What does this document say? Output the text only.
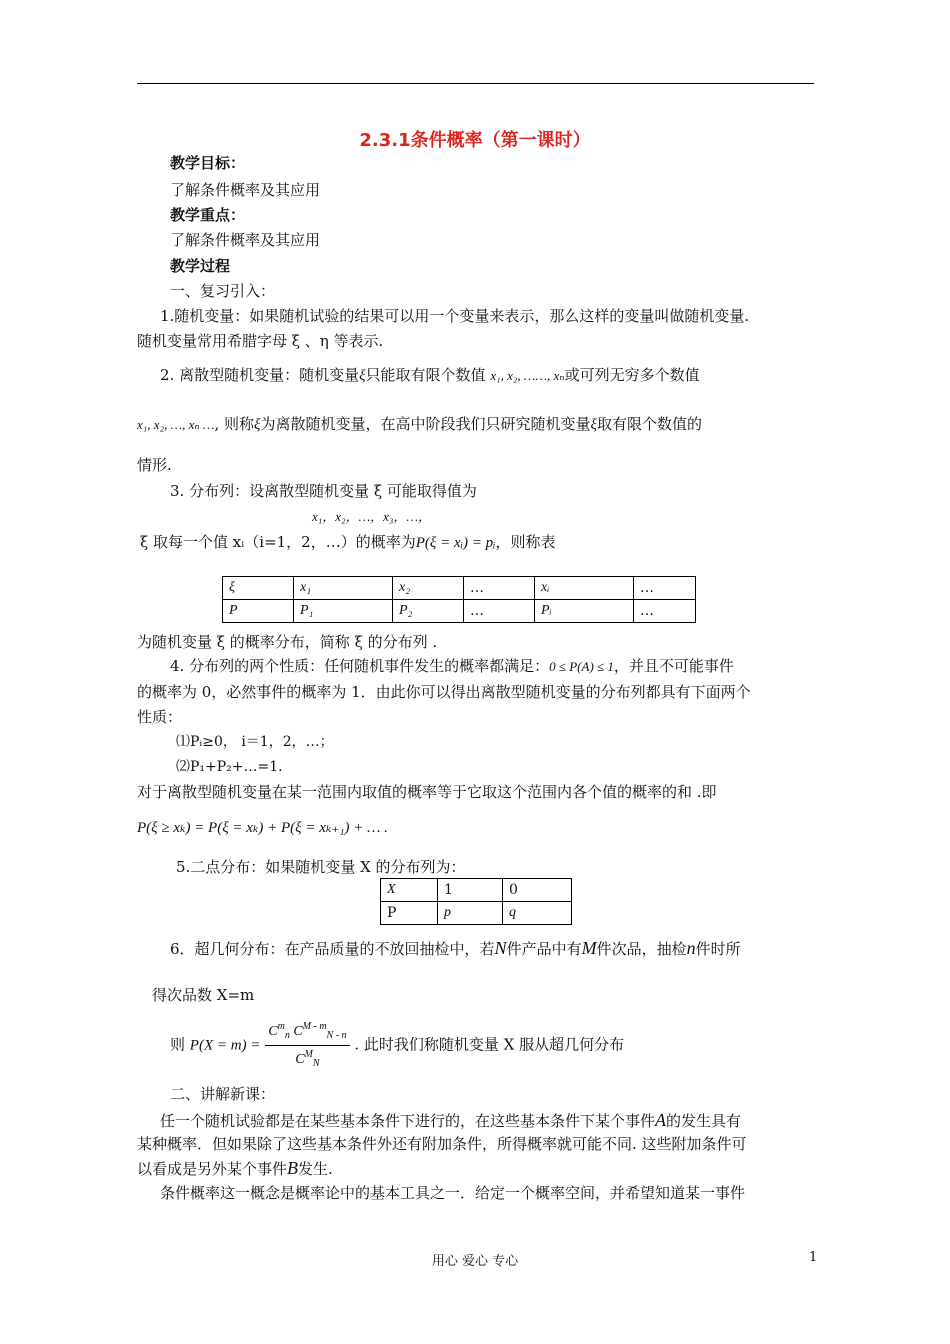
2.3.1条件概率（第一课时）
教学目标：
了解条件概率及其应用
教学重点：
了解条件概率及其应用
教学过程
一、复习引入：
1.随机变量：如果随机试验的结果可以用一个变量来表示，那么这样的变量叫做随机变量.
随机变量常用希腊字母 ξ 、η 等表示.
2. 离散型随机变量：随机变量ξ只能取有限个数值 x₁, x₂, ……, xₙ或可列无穷多个数值
x₁, x₂, …, xₙ …, 则称ξ为离散随机变量，在高中阶段我们只研究随机变量ξ取有限个数值的
情形.
3. 分布列：设离散型随机变量 ξ 可能取得值为
x₁，x₂，…，x₃，…，
ξ 取每一个值 xᵢ（i=1，2，…）的概率为P(ξ = xᵢ) = pᵢ，则称表
ξ	x₁	x₂	…	xᵢ	…
P	P₁	P₂	…	Pᵢ	…
为随机变量 ξ 的概率分布，简称 ξ 的分布列 .
4. 分布列的两个性质：任何随机事件发生的概率都满足：0 ≤ P(A) ≤ 1，并且不可能事件
的概率为 0，必然事件的概率为 1．由此你可以得出离散型随机变量的分布列都具有下面两个
性质：
⑴Pᵢ≥0， i＝1，2，…；
⑵P₁+P₂+…=1.
对于离散型随机变量在某一范围内取值的概率等于它取这个范围内各个值的概率的和 .即
P(ξ ≥ xₖ) = P(ξ = xₖ) + P(ξ = xₖ₊₁) + … .
5.二点分布：如果随机变量 X 的分布列为：
X	1	0
P	p	q
6．超几何分布：在产品质量的不放回抽检中，若N件产品中有M件次品，抽检n件时所
得次品数 X=m
则 $P(X = m) = \frac{C^m_n C^{M - m}_{N - n}}{C^M_N}$ . 此时我们称随机变量 X 服从超几何分布
二、讲解新课：
任一个随机试验都是在某些基本条件下进行的，在这些基本条件下某个事件A的发生具有
某种概率．但如果除了这些基本条件外还有附加条件，所得概率就可能不同. 这些附加条件可
以看成是另外某个事件B发生.
条件概率这一概念是概率论中的基本工具之一．给定一个概率空间，并希望知道某一事件
用心 爱心 专心	1
